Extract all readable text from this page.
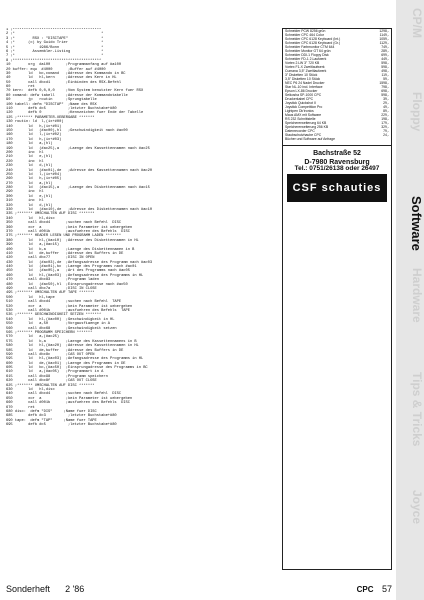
1 ;****************************************
2 ;*                                       *
3 ;*        RSX : "DISCTAPE"               *
4 ;*      (c) by Guido Trier               *
5 ;*           1986/Bonn                   *
6 ;*        Assembler-Listing              *
7 ;*                                       *
8 ;****************************************
10        org  #a100       ;Programmanfang auf #a100
20 buffer: equ  #4000       ;Buffer auf #4000
30        ld   bc,comand   ;Adresse des Kommando in BC
40        ld   hl,kern     ;Adresse des Kern in HL
50        call #bcd1       ;Einbinden des RSX-Befehl
60        ret
70 kern:  defb 0,0,0,0     ;Vom System benutzter Kern fuer RSX
80 comand: defw tabell     ;Adresse der Kommandotabelle
90        jp   routin      ;Sprungtabelle
100 tabell: defm "DISCTAP"  ;Name des RSX
110       defb #c5          ;letzter Buchstabe+#80
120       defb 0            ;Kennzeichen fuer Ende der Tabelle
125 ;******* PARAMETER-UEBERGABE *******
130 routin: ld  l,(ix+#00)
140       ld   h,(ix+#01)
150       ld   (#ac00),hl   ;Geschwindigkeit nach #ac00
160       ld   l,(ix+#02)
170       ld   h,(ix+#03)
180       ld   a,(hl)
190       ld   (#ac25),a    ;Laenge des Kassettennamen nach #ac25
200       inc  hl
210       ld   e,(hl)
220       inc  hl
230       ld   d,(hl)
240       ld   (#ac01),de   ;Adresse des Kassettennamen nach #ac20
250       ld   l,(ix+#04)
260       ld   h,(ix+#05)
270       ld   a,(hl)
280       ld   (#ac15),a    ;Laenge des Diskettennamen nach #ac15
290       inc  hl
300       ld   e,(hl)
310       inc  hl
320       ld   d,(hl)
330       ld   (#ac10),de   ;Adresse des Diskettennamen nach #ac10
335 ;******* UMSCHALTEN AUF DISC *******
340       ld   hl,disc
350       call #bcd4       ;suchen nach Befehl  DISC
360       xor  a           ;kein Parameter ist uebergeben
370       call #001b       ;ausfuehren des Befehls  DISC
375 ;******* HEADER LESEN UND PROGRAMM LADEN *******
380       ld   hl,(#ac10)  ;Adresse des Diskettennamen in HL
390       ld   a,(#ac15)
400       ld   b,a         ;Laenge des Diskettennamen in B
410       ld   de,buffer   ;Adresse des Buffers in DE
420       call #bc77       ;DISC IN OPEN
430       ld   (#ac03),de  ;Anfangsadresse des Programm nach #ac03
440       ld   (#ac01),bc  ;Laenge des Programms nach #ac01
450       ld   (#ac05),a   ;Art des Programms nach #ac05
460       ld   hl,(#ac03)  ;Anfangsadresse des Programms in HL
470       call #bc83       ;Programm laden
480       ld   (#ac50),hl  ;Einsprungadresse nach #ac50
490       call #bc7a       ;DISC IN CLOSE
495 ;******* UMSCHALTEN AUF TAPE *******
500       ld   hl,tape
510       call #bcd4       ;suchen nach Befehl  TAPE
520       xor  a           ;kein Parameter ist uebergeben
530       call #001b       ;ausfuehren des Befehls  TAPE
535 ;******* GESCHWINDIGKEIT SETZEN *******
540       ld   hl,(#ac00)  ;Geschwindigkeit in HL
550       ld   a,50        ;Vorgausfiaenge in A
560       call #bc68       ;Geschwindigkeit setzen
565 ;******* PROGRAMM SPEICHERN *******
570       ld   a,(#ac25)
575       ld   b,a         ;Laenge des Kassettennamens in B
580       ld   hl,(#ac20)  ;Adresse des Kassettennamen in HL
585       ld   de,buffer   ;Adresse des Buffers in DE
590       call #bc8c       ;CAS OUT OPEN
595       ld   hl,(#ac03)  ;Anfangsadresse des Programms in HL
600       ld   de,(#ac01)  ;Laenge des Programms in DE
605       ld   bc,(#ac50)  ;Einsprungadresse des Programms in BC
610       ld   a,(#ac05)   ;Programmart in A
615       call #bc98       ;Programm speichern
620       call #bc8f       ;CAS OUT CLOSE
625 ;******* UMSCHALTEN AUF DISC *******
630       ld   hl,disc
640       call #bcd4       ;suchen nach Befehl  DISC
650       xor  a           ;kein Parameter ist uebergeben
660       call #001b       ;ausfuehren des Befehls  DISC
670       ret
680 disc:  defm "DIS"     ;Name fuer DISC
685       defb #c3          ;letzter Buchstabe+#80
690 tape:  defm "TAP"     ;Name fuer TAPE
695       defb #c5          ;letzter Buchstabe+#80
Schneider PCW 8256 grün	1298,-
Schneider CPC 464 Color	1149,-
Schneider CPC 6128 Keyboard (Int.)	1059,-
Schneider CPC 6128 Keyboard (Gr.)	1129,-
Schneider Farbmonitor CTM 644	749,-
Schneider Monitor GT 64 grün	289,-
Schneider DDI-1 Floppy Disk	699,-
Schneider FD-1 2.Laufwerk	449,-
Vortex 2.LW 3" 720 KB	598,-
Vortex F1-X Zweitlaufwerk	598,-
Cumana 3,5" Zweitlaufwerk	498,-
3" Disketten 10 Stück	119,-
3,5" Disketten 10 Stück	59,-
NEC P6 24 Nadel Drucker	1598,-
Star NL-10 incl. Interface	798,-
Epson LX-86 Drucker	698,-
Seikosha SP-1000 CPC	598,-
Druckerkabel CPC	39,-
Joystick Quickshot II	29,-
Joystick Competition Pro	49,-
Lightpen Dk'tronics	89,-
Maus AMX mit Software	229,-
RS 232 Schnittstelle	198,-
Speichererweiterung 64 KB	179,-
Speichererweiterung 256 KB	329,-
Datenrecorder CPC	79,-
Staubschutzhaube CPC	24,-
Bücher und Software auf Anfrage
Bachstraße 52
D-7980 Ravensburg
Tel.: 0751/26138 oder 26497
CSF schauties
CP/M
Floppy
Software
Hardware
Tips & Tricks
Joyce
Sonderheft 2 '86	CPC 57
